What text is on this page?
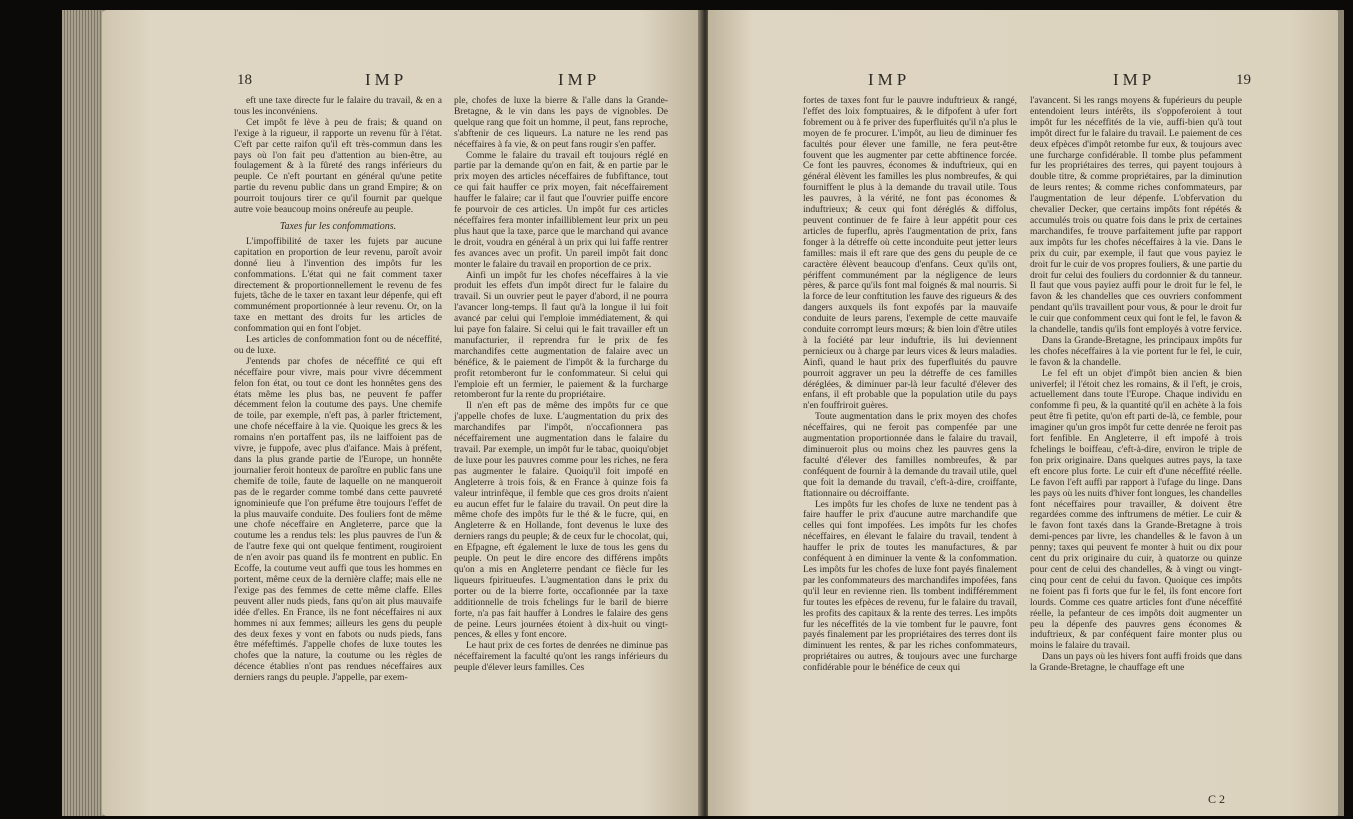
18	IMP	IMP

eft une taxe directe fur le falaire du travail, & en a tous les inconvéniens.

Cet impôt fe lève à peu de frais; & quand on l'exige à la rigueur, il rapporte un revenu fûr à l'état. C'eft par cette raifon qu'il eft très-commun dans les pays où l'on fait peu d'attention au bien-être, au foulagement & à la fûreté des rangs inférieurs du peuple. Ce n'eft pourtant en général qu'une petite partie du revenu public dans un grand Empire; & on pourroit toujours tirer ce qu'il fournit par quelque autre voie beaucoup moins onéreufe au peuple.

Taxes fur les confommations.

L'impoffibilité de taxer les fujets par aucune capitation en proportion de leur revenu, paroît avoir donné lieu à l'invention des impôts fur les confommations. L'état qui ne fait comment taxer directement & proportionnellement le revenu de fes fujets, tâche de le taxer en taxant leur dépenfe, qui eft communément proportionnée à leur revenu. Or, on la taxe en mettant des droits fur les articles de confommation qui en font l'objet.

Les articles de confommation font ou de néceffité, ou de luxe.

J'entends par chofes de néceffité ce qui eft néceffaire pour vivre, mais pour vivre décemment felon fon état, ou tout ce dont les honnêtes gens des états même les plus bas, ne peuvent fe paffer décemment felon la coutume des pays. Une chemife de toile, par exemple, n'eft pas, à parler ftrictement, une chofe néceffaire à la vie. Quoique les grecs & les romains n'en portaffent pas, ils ne laiffoient pas de vivre, je fuppofe, avec plus d'aifance. Mais à préfent, dans la plus grande partie de l'Europe, un honnête journalier feroit honteux de paroître en public fans une chemife de toile, faute de laquelle on ne manqueroit pas de le regarder comme tombé dans cette pauvreté ignominieufe que l'on préfume être toujours l'effet de la plus mauvaife conduite. Des fouliers font de même une chofe néceffaire en Angleterre, parce que la coutume les a rendus tels: les plus pauvres de l'un & de l'autre fexe qui ont quelque fentiment, rougiroient de n'en avoir pas quand ils fe montrent en public. En Ecoffe, la coutume veut auffi que tous les hommes en portent, même ceux de la dernière claffe; mais elle ne l'exige pas des femmes de cette même claffe. Elles peuvent aller nuds pieds, fans qu'on ait plus mauvaife idée d'elles. En France, ils ne font néceffaires ni aux hommes ni aux femmes; ailleurs les gens du peuple des deux fexes y vont en fabots ou nuds pieds, fans être méfeftimés. J'appelle chofes de luxe toutes les chofes que la nature, la coutume ou les règles de décence établies n'ont pas rendues néceffaires aux derniers rangs du peuple. J'appelle, par exem-

ple, chofes de luxe la bierre & l'alle dans la Grande-Bretagne, & le vin dans les pays de vignobles. De quelque rang que foit un homme, il peut, fans reproche, s'abftenir de ces liqueurs. La nature ne les rend pas néceffaires à fa vie, & on peut fans rougir s'en paffer.

Comme le falaire du travail eft toujours réglé en partie par la demande qu'on en fait, & en partie par le prix moyen des articles néceffaires de fubfiftance, tout ce qui fait hauffer ce prix moyen, fait néceffairement hauffer le falaire; car il faut que l'ouvrier puiffe encore fe pourvoir de ces articles. Un impôt fur ces articles néceffaires fera monter infailliblement leur prix un peu plus haut que la taxe, parce que le marchand qui avance le droit, voudra en général à un prix qui lui faffe rentrer fes avances avec un profit. Un pareil impôt fait donc monter le falaire du travail en proportion de ce prix.

Ainfi un impôt fur les chofes néceffaires à la vie produit les effets d'un impôt direct fur le falaire du travail. Si un ouvrier peut le payer d'abord, il ne pourra l'avancer long-temps. Il faut qu'à la longue il lui foit avancé par celui qui l'emploie immédiatement, & qui lui paye fon falaire. Si celui qui le fait travailler eft un manufacturier, il reprendra fur le prix de fes marchandifes cette augmentation de falaire avec un bénéfice, & le paiement de l'impôt & la furcharge du profit retomberont fur le confommateur. Si celui qui l'emploie eft un fermier, le paiement & la furcharge retomberont fur la rente du propriétaire.

Il n'en eft pas de même des impôts fur ce que j'appelle chofes de luxe. L'augmentation du prix des marchandifes par l'impôt, n'occafionnera pas néceffairement une augmentation dans le falaire du travail. Par exemple, un impôt fur le tabac, quoiqu'objet de luxe pour les pauvres comme pour les riches, ne fera pas augmenter le falaire. Quoiqu'il foit impofé en Angleterre à trois fois, & en France à quinze fois fa valeur intrinfèque, il femble que ces gros droits n'aient eu aucun effet fur le falaire du travail. On peut dire la même chofe des impôts fur le thé & le fucre, qui, en Angleterre & en Hollande, font devenus le luxe des derniers rangs du peuple; & de ceux fur le chocolat, qui, en Efpagne, eft également le luxe de tous les gens du peuple. On peut le dire encore des différens impôts qu'on a mis en Angleterre pendant ce fiècle fur les liqueurs fpiritueufes. L'augmentation dans le prix du porter ou de la bierre forte, occafionnée par la taxe additionnelle de trois fchelings fur le baril de bierre forte, n'a pas fait hauffer à Londres le falaire des gens de peine. Leurs journées étoient à dix-huit ou vingt-pences, & elles y font encore.

Le haut prix de ces fortes de denrées ne diminue pas néceffairement la faculté qu'ont les rangs inférieurs du peuple d'élever leurs familles. Ces

IMP	IMP	19

fortes de taxes font fur le pauvre induftrieux & rangé, l'effet des loix fomptuaires, & le difpofent à ufer fort fobrement ou à fe priver des fuperfluités qu'il n'a plus le moyen de fe procurer. L'impôt, au lieu de diminuer fes facultés pour élever une famille, ne fera peut-être fouvent que les augmenter par cette abftinence forcée. Ce font les pauvres, économes & induftrieux, qui en général élèvent les familles les plus nombreufes, & qui fourniffent le plus à la demande du travail utile. Tous les pauvres, à la vérité, ne font pas économes & induftrieux; & ceux qui font déréglés & diffolus, peuvent continuer de fe faire à leur appétit pour ces articles de fuperflu, après l'augmentation de prix, fans fonger à la détreffe où cette inconduite peut jetter leurs familles: mais il eft rare que des gens du peuple de ce caractère élèvent beaucoup d'enfans. Ceux qu'ils ont, périffent communément par la négligence de leurs pères, & parce qu'ils font mal foignés & mal nourris. Si la force de leur conftitution les fauve des rigueurs & des dangers auxquels ils font expofés par la mauvaife conduite de leurs parens, l'exemple de cette mauvaife conduite corrompt leurs mœurs; & bien loin d'être utiles à la fociété par leur induftrie, ils lui deviennent pernicieux ou à charge par leurs vices & leurs maladies. Ainfi, quand le haut prix des fuperfluités du pauvre pourroit aggraver un peu la détreffe de ces familles déréglées, & diminuer par-là leur faculté d'élever des enfans, il eft probable que la population utile du pays n'en fouffriroit guères.

Toute augmentation dans le prix moyen des chofes néceffaires, qui ne feroit pas compenfée par une augmentation proportionnée dans le falaire du travail, diminueroit plus ou moins chez les pauvres gens la faculté d'élever des familles nombreufes, & par conféquent de fournir à la demande du travail utile, quel que foit la demande du travail, c'eft-à-dire, croiffante, ftationnaire ou décroiffante.

Les impôts fur les chofes de luxe ne tendent pas à faire hauffer le prix d'aucune autre marchandife que celles qui font impofées. Les impôts fur les chofes néceffaires, en élevant le falaire du travail, tendent à hauffer le prix de toutes les manufactures, & par conféquent à en diminuer la vente & la confommation. Les impôts fur les chofes de luxe font payés finalement par les confommateurs des marchandifes impofées, fans qu'il leur en revienne rien. Ils tombent indifféremment fur toutes les efpèces de revenu, fur le falaire du travail, les profits des capitaux & la rente des terres. Les impôts fur les néceffités de la vie tombent fur le pauvre, font payés finalement par les propriétaires des terres dont ils diminuent les rentes, & par les riches confommateurs, propriétaires ou autres, & toujours avec une furcharge confidérable pour le bénéfice de ceux qui

l'avancent. Si les rangs moyens & fupérieurs du peuple entendoient leurs intérêts, ils s'oppoferoient à tout impôt fur les néceffités de la vie, auffi-bien qu'à tout impôt direct fur le falaire du travail. Le paiement de ces deux efpèces d'impôt retombe fur eux, & toujours avec une furcharge confidérable. Il tombe plus pefamment fur les propriétaires des terres, qui payent toujours à double titre, & comme propriétaires, par la diminution de leurs rentes; & comme riches confommateurs, par l'augmentation de leur dépenfe. L'obfervation du chevalier Decker, que certains impôts font répétés & accumulés trois ou quatre fois dans le prix de certaines marchandifes, fe trouve parfaitement jufte par rapport aux impôts fur les chofes néceffaires à la vie. Dans le prix du cuir, par exemple, il faut que vous payiez le droit fur le cuir de vos propres fouliers, & une partie du droit fur celui des fouliers du cordonnier & du tanneur. Il faut que vous payiez auffi pour le droit fur le fel, le favon & les chandelles que ces ouvriers confomment pendant qu'ils travaillent pour vous, & pour le droit fur le cuir que confomment ceux qui font le fel, le favon & la chandelle, tandis qu'ils font employés à votre fervice.

Dans la Grande-Bretagne, les principaux impôts fur les chofes néceffaires à la vie portent fur le fel, le cuir, le favon & la chandelle.

Le fel eft un objet d'impôt bien ancien & bien univerfel; il l'étoit chez les romains, & il l'eft, je crois, actuellement dans toute l'Europe. Chaque individu en confomme fi peu, & la quantité qu'il en achète à la fois peut être fi petite, qu'on eft parti de-là, ce femble, pour imaginer qu'un gros impôt fur cette denrée ne feroit pas fort fenfible. En Angleterre, il eft impofé à trois fchelings le boiffeau, c'eft-à-dire, environ le triple de fon prix originaire. Dans quelques autres pays, la taxe eft encore plus forte. Le cuir eft d'une néceffité réelle. Le favon l'eft auffi par rapport à l'ufage du linge. Dans les pays où les nuits d'hiver font longues, les chandelles font néceffaires pour travailler, & doivent être regardées comme des inftrumens de métier. Le cuir & le favon font taxés dans la Grande-Bretagne à trois demi-pences par livre, les chandelles & le favon à un penny; taxes qui peuvent fe monter à huit ou dix pour cent du prix originaire du cuir, à quatorze ou quinze pour cent de celui des chandelles, & à vingt ou vingt-cinq pour cent de celui du favon. Quoique ces impôts ne foient pas fi forts que fur le fel, ils font encore fort lourds. Comme ces quatre articles font d'une néceffité réelle, la pefanteur de ces impôts doit augmenter un peu la dépenfe des pauvres gens économes & induftrieux, & par conféquent faire monter plus ou moins le falaire du travail.

Dans un pays où les hivers font auffi froids que dans la Grande-Bretagne, le chauffage eft une

C 2
